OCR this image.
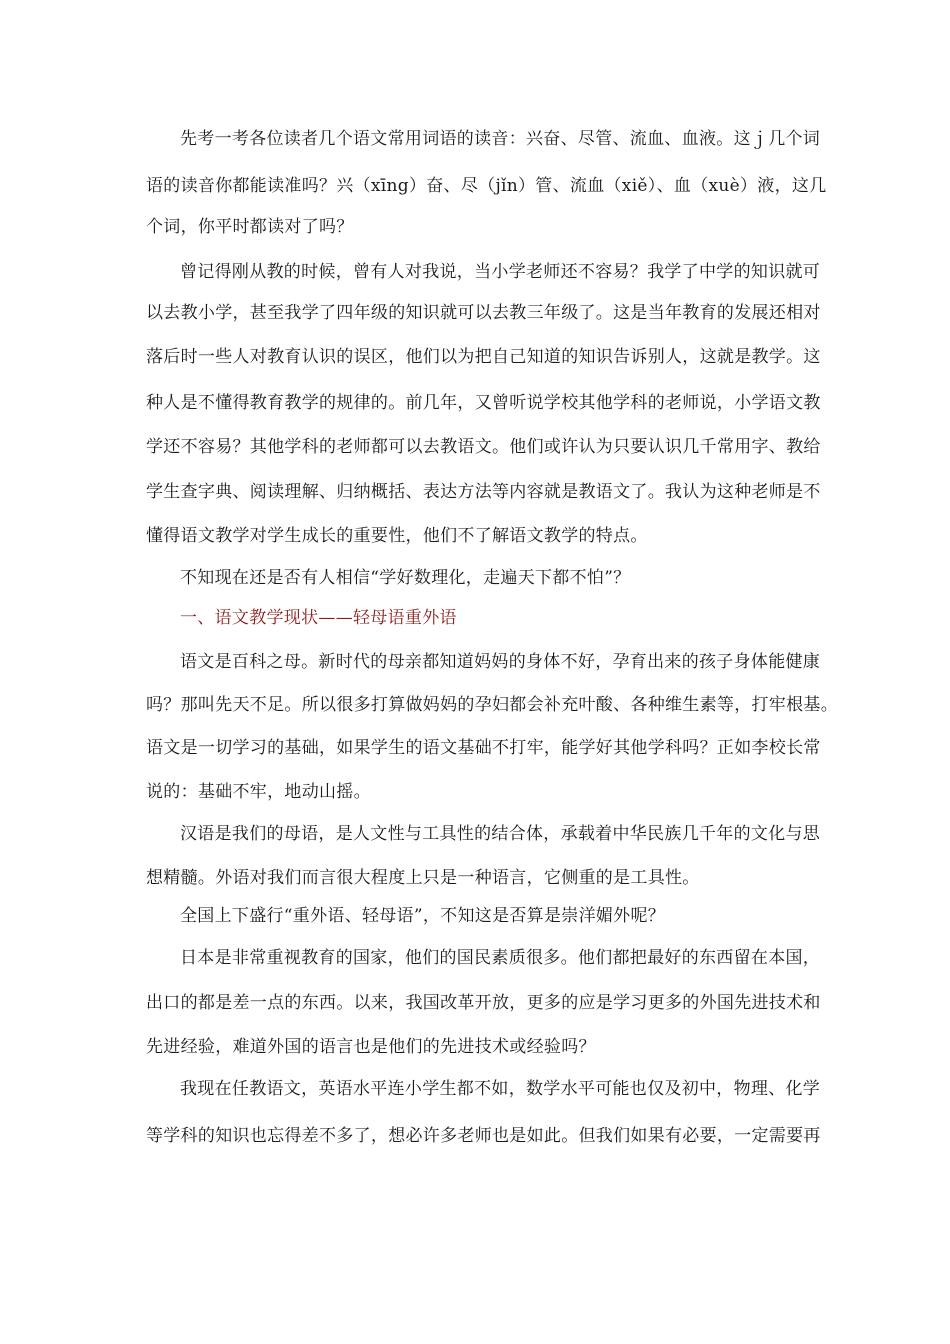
先考一考各位读者几个语文常用词语的读音：兴奋、尽管、流血、血液。这ｊ几个词

语的读音你都能读准吗？兴（xīng）奋、尽（jǐn）管、流血（xiě）、血（xuè）液，这几

个词，你平时都读对了吗？

曾记得刚从教的时候，曾有人对我说，当小学老师还不容易？我学了中学的知识就可

以去教小学，甚至我学了四年级的知识就可以去教三年级了。这是当年教育的发展还相对

落后时一些人对教育认识的误区，他们以为把自己知道的知识告诉别人，这就是教学。这

种人是不懂得教育教学的规律的。前几年，又曾听说学校其他学科的老师说，小学语文教

学还不容易？其他学科的老师都可以去教语文。他们或许认为只要认识几千常用字、教给

学生查字典、阅读理解、归纳概括、表达方法等内容就是教语文了。我认为这种老师是不

懂得语文教学对学生成长的重要性，他们不了解语文教学的特点。

不知现在还是否有人相信“学好数理化，走遍天下都不怕”？

一、语文教学现状——轻母语重外语

语文是百科之母。新时代的母亲都知道妈妈的身体不好，孕育出来的孩子身体能健康

吗？那叫先天不足。所以很多打算做妈妈的孕妇都会补充叶酸、各种维生素等，打牢根基。

语文是一切学习的基础，如果学生的语文基础不打牢，能学好其他学科吗？正如李校长常

说的：基础不牢，地动山摇。

汉语是我们的母语，是人文性与工具性的结合体，承载着中华民族几千年的文化与思

想精髓。外语对我们而言很大程度上只是一种语言，它侧重的是工具性。

全国上下盛行“重外语、轻母语”，不知这是否算是崇洋媚外呢？

日本是非常重视教育的国家，他们的国民素质很多。他们都把最好的东西留在本国，

出口的都是差一点的东西。以来，我国改革开放，更多的应是学习更多的外国先进技术和

先进经验，难道外国的语言也是他们的先进技术或经验吗？

我现在任教语文，英语水平连小学生都不如，数学水平可能也仅及初中，物理、化学

等学科的知识也忘得差不多了，想必许多老师也是如此。但我们如果有必要，一定需要再
